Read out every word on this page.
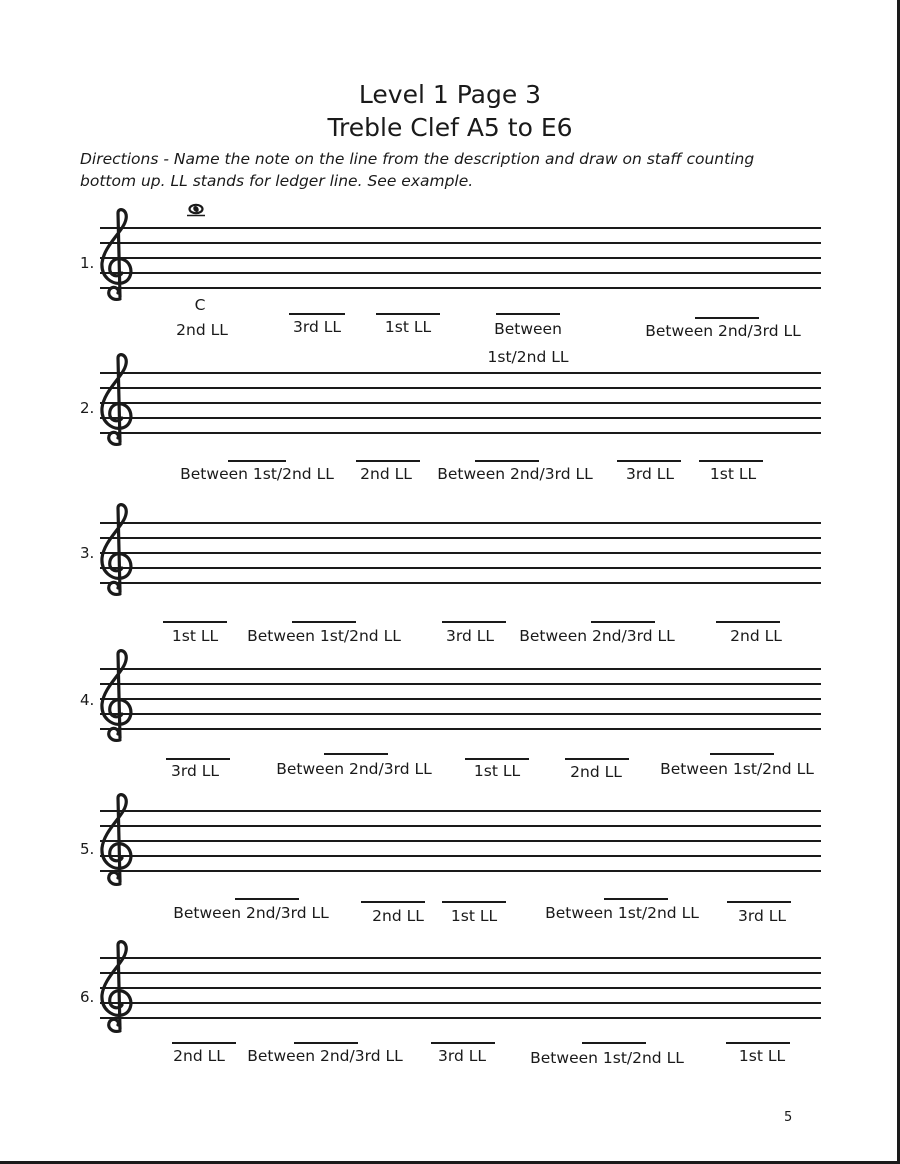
Level 1 Page 3
Treble Clef A5 to E6
Directions - Name the note on the line from the description and draw on staff counting
bottom up. LL stands for ledger line. See example.
C
1.
2nd LL	3rd LL	1st LL	Between
1st/2nd LL
Between 2nd/3rd LL
2.
Between 1st/2nd LL 2nd LL Between 2nd/3rd LL 3rd LL 1st LL
3.
1st LL Between 1st/2nd LL	3rd LL Between 2nd/3rd LL	2nd LL
4.
3rd LL	Between 2nd/3rd LL	1st LL	2nd LL Between 1st/2nd LL
5.
Between 2nd/3rd LL	2nd LL 1st LL	Between 1st/2nd LL	3rd LL
6.
2nd LL Between 2nd/3rd LL 3rd LL	Between 1st/2nd LL	1st LL
5
